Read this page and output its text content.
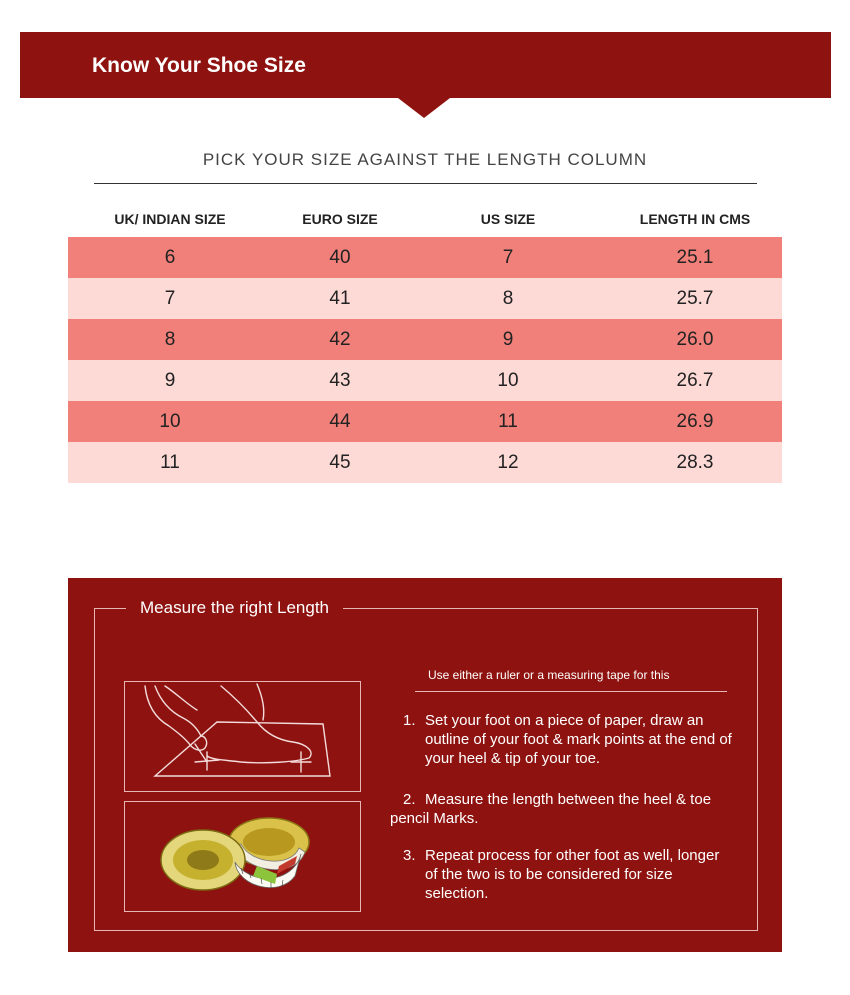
Know Your Shoe Size
PICK YOUR SIZE AGAINST THE LENGTH COLUMN
UK/ INDIAN SIZE	EURO SIZE	US SIZE	LENGTH IN CMS
6	40	7	25.1
7	41	8	25.7
8	42	9	26.0
9	43	10	26.7
10	44	11	26.9
11	45	12	28.3
Measure the right Length
Use either a ruler or a measuring tape for this
1. Set your foot on a piece of paper, draw an outline of your foot & mark points at the end of your heel & tip of your toe.
2. Measure the length between the heel & toe          pencil Marks.
3. Repeat process for other foot as well, longer of the two is to be considered for size selection.
